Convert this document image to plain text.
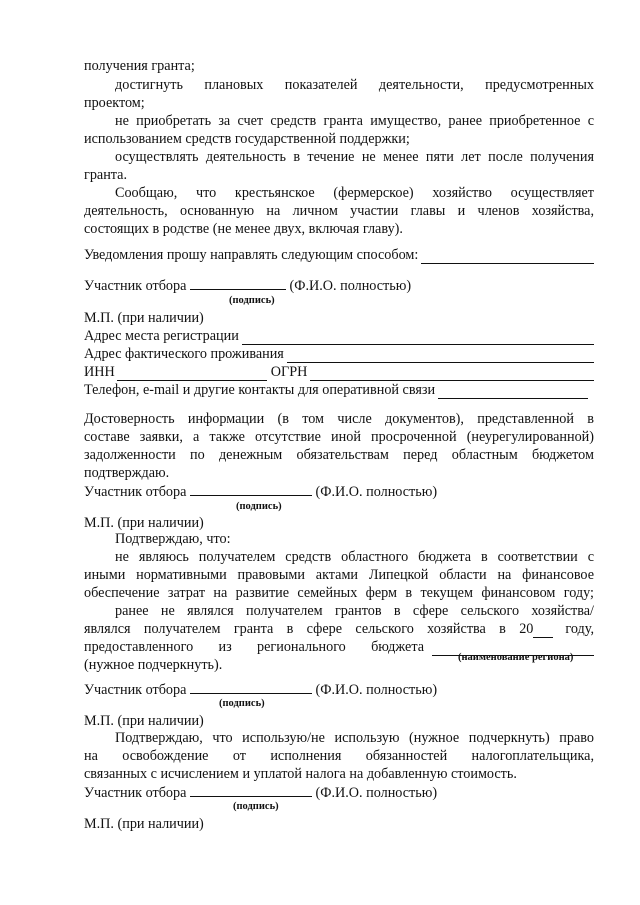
получения гранта;
достигнуть плановых показателей деятельности, предусмотренных
проектом;
не приобретать за счет средств гранта имущество, ранее приобретенное с
использованием средств государственной поддержки;
осуществлять деятельность в течение не менее пяти лет после получения
гранта.
Сообщаю, что крестьянское (фермерское) хозяйство осуществляет
деятельность, основанную на личном участии главы и членов хозяйства,
состоящих в родстве (не менее двух, включая главу).
Уведомления прошу направлять следующим способом:
Участник отбора	(Ф.И.О. полностью)
(подпись)
М.П. (при наличии)
Адрес места регистрации
Адрес фактического проживания
ИНН	ОГРН
Телефон, e-mail и другие контакты для оперативной связи
Достоверность информации (в том числе документов), представленной в
составе заявки, а также отсутствие иной просроченной (неурегулированной)
задолженности по денежным обязательствам перед областным бюджетом
подтверждаю.
Участник отбора	(Ф.И.О. полностью)
(подпись)
М.П. (при наличии)
Подтверждаю, что:
не являюсь получателем средств областного бюджета в соответствии с
иными нормативными правовыми актами Липецкой области на финансовое
обеспечение затрат на развитие семейных ферм в текущем финансовом году;
ранее не являлся получателем грантов в сфере сельского хозяйства/
являлся получателем гранта в сфере сельского хозяйства в 20 году,
предоставленного из регионального бюджета
(нужное подчеркнуть).	(наименование региона)
Участник отбора	(Ф.И.О. полностью)
(подпись)
М.П. (при наличии)
Подтверждаю, что использую/не использую (нужное подчеркнуть) право
на освобождение от исполнения обязанностей налогоплательщика,
связанных с исчислением и уплатой налога на добавленную стоимость.
Участник отбора	(Ф.И.О. полностью)
(подпись)
М.П. (при наличии)
